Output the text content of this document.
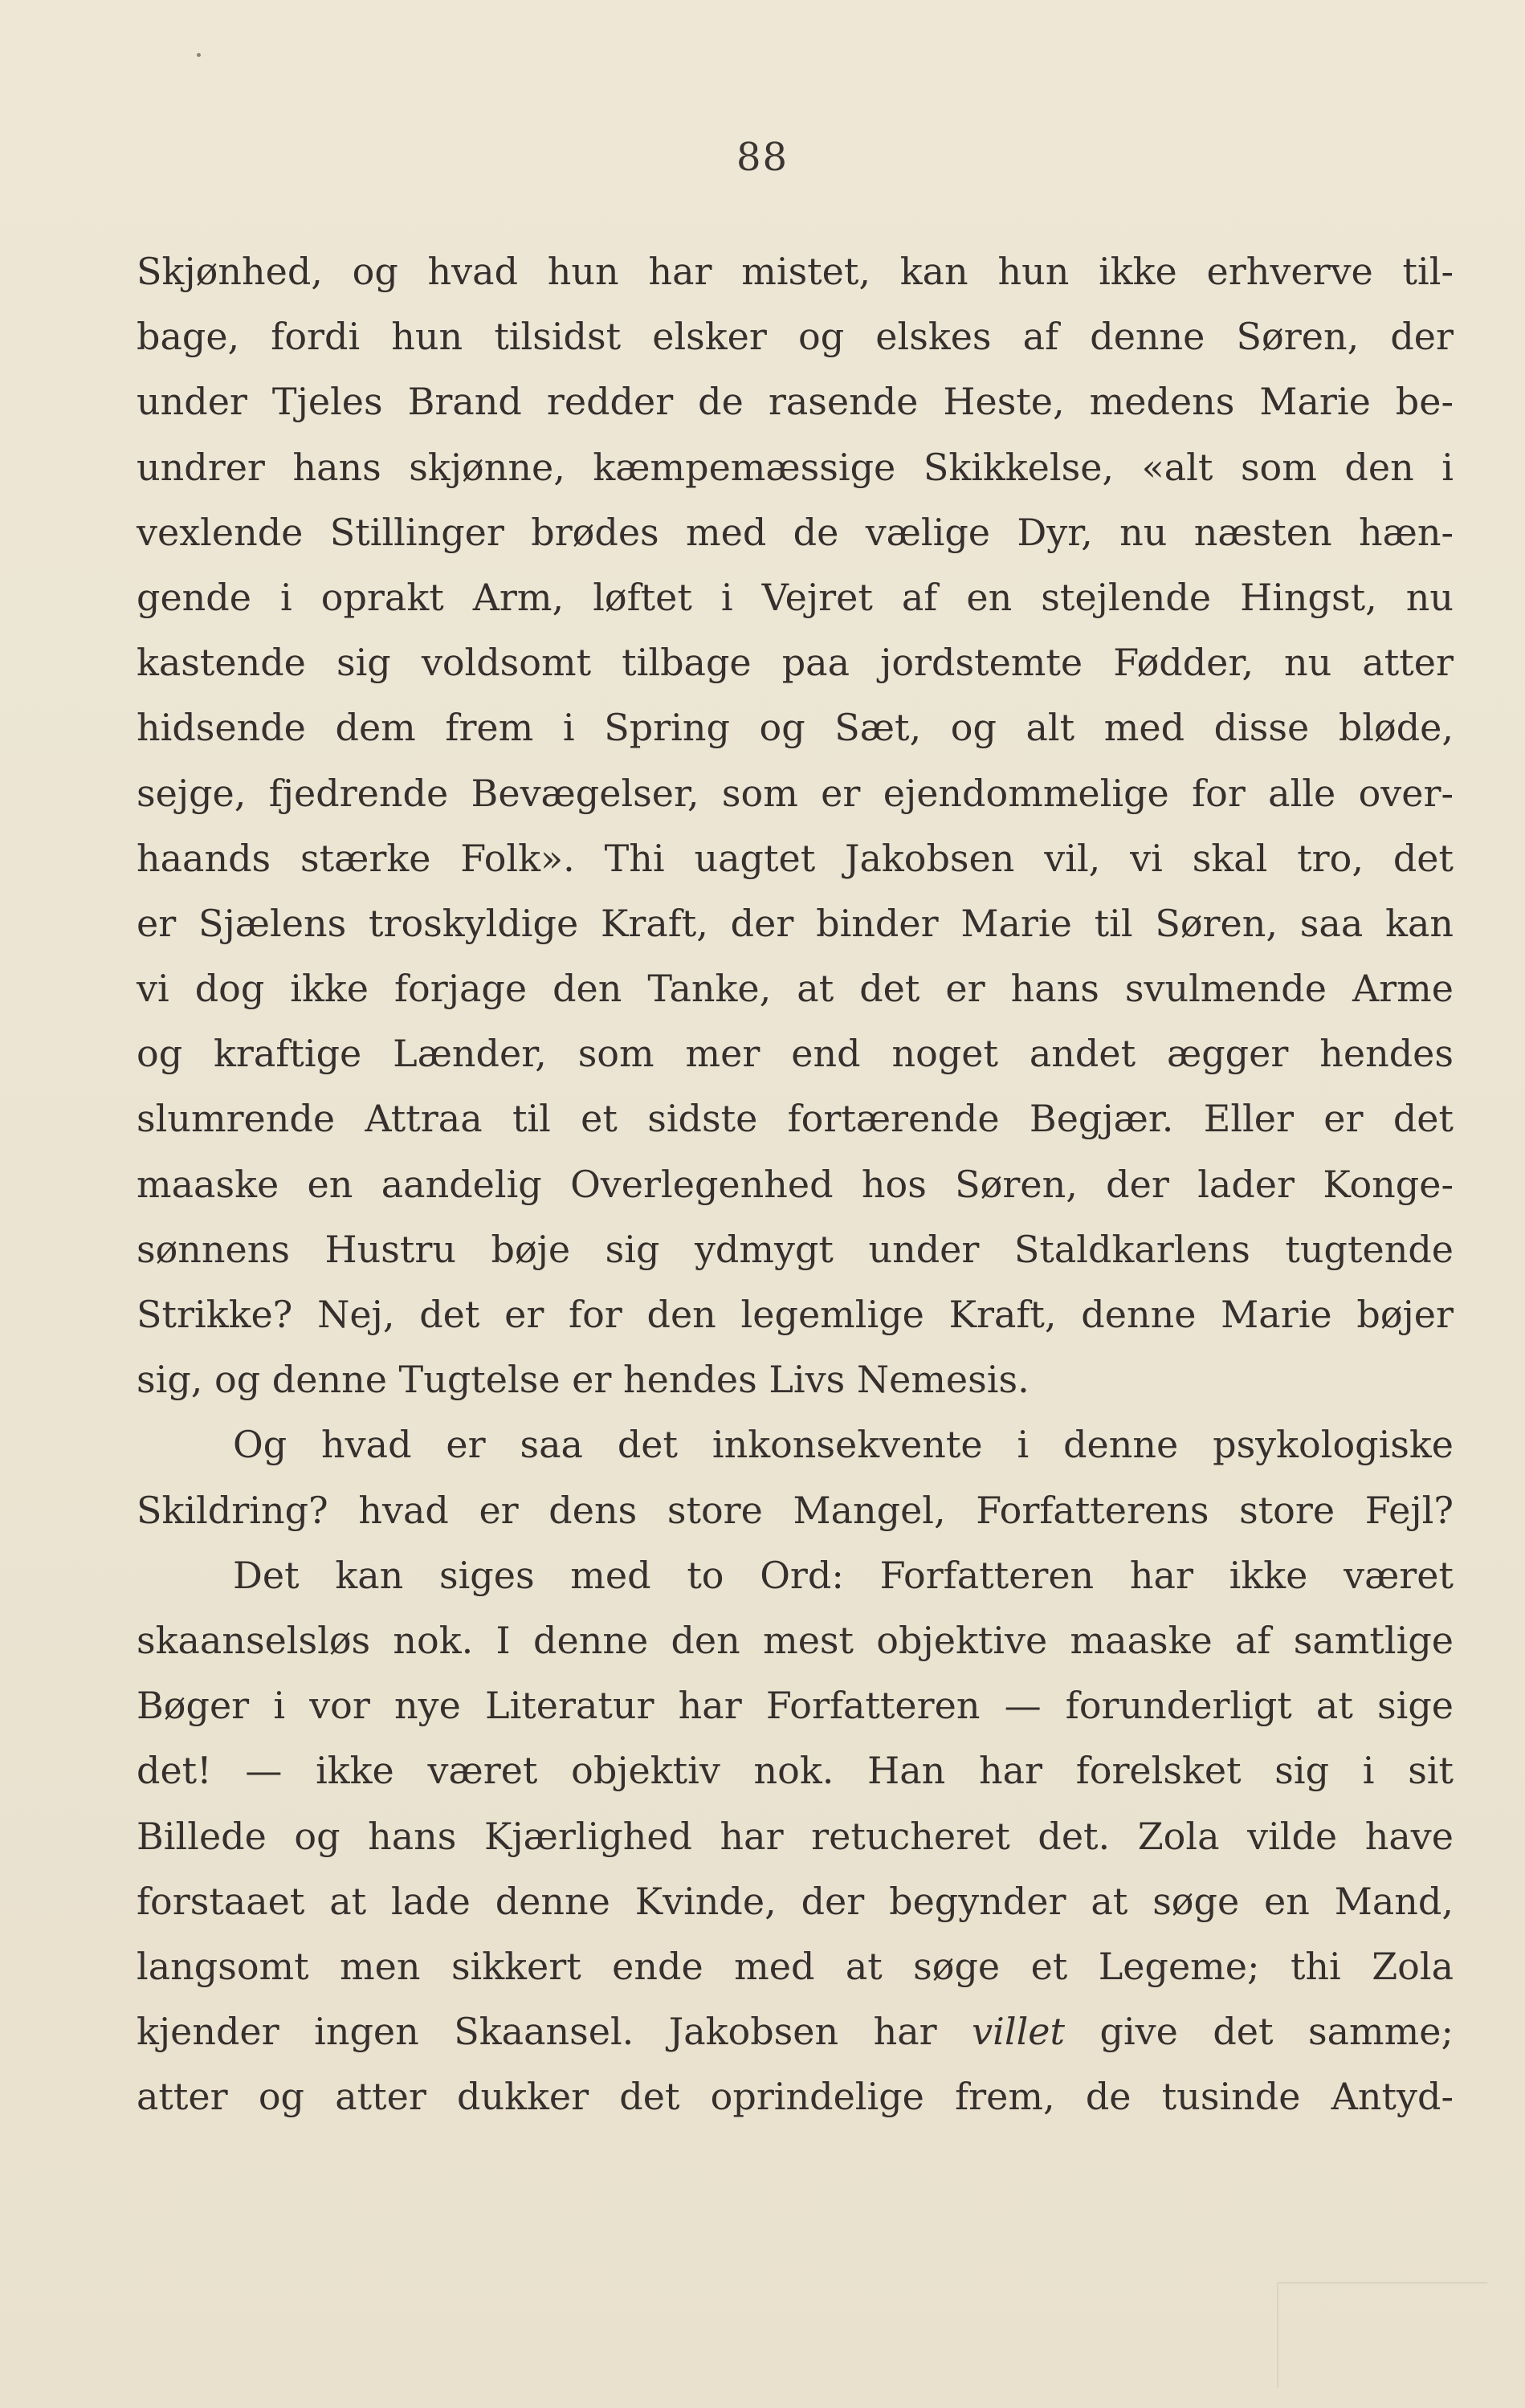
88
Skjønhed, og hvad hun har mistet, kan hun ikke erhverve til-
bage, fordi hun tilsidst elsker og elskes af denne Søren, der
under Tjeles Brand redder de rasende Heste, medens Marie be-
undrer hans skjønne, kæmpemæssige Skikkelse, «alt som den i
vexlende Stillinger brødes med de vælige Dyr, nu næsten hæn-
gende i oprakt Arm, løftet i Vejret af en stejlende Hingst, nu
kastende sig voldsomt tilbage paa jordstemte Fødder, nu atter
hidsende dem frem i Spring og Sæt, og alt med disse bløde,
sejge, fjedrende Bevægelser, som er ejendommelige for alle over-
haands stærke Folk». Thi uagtet Jakobsen vil, vi skal tro, det
er Sjælens troskyldige Kraft, der binder Marie til Søren, saa kan
vi dog ikke forjage den Tanke, at det er hans svulmende Arme
og kraftige Lænder, som mer end noget andet ægger hendes
slumrende Attraa til et sidste fortærende Begjær. Eller er det
maaske en aandelig Overlegenhed hos Søren, der lader Konge-
sønnens Hustru bøje sig ydmygt under Staldkarlens tugtende
Strikke? Nej, det er for den legemlige Kraft, denne Marie bøjer
sig, og denne Tugtelse er hendes Livs Nemesis.
Og hvad er saa det inkonsekvente i denne psykologiske
Skildring? hvad er dens store Mangel, Forfatterens store Fejl?
Det kan siges med to Ord: Forfatteren har ikke været
skaanselsløs nok. I denne den mest objektive maaske af samtlige
Bøger i vor nye Literatur har Forfatteren — forunderligt at sige
det! — ikke været objektiv nok. Han har forelsket sig i sit
Billede og hans Kjærlighed har retucheret det. Zola vilde have
forstaaet at lade denne Kvinde, der begynder at søge en Mand,
langsomt men sikkert ende med at søge et Legeme; thi Zola
kjender ingen Skaansel. Jakobsen har villet give det samme;
atter og atter dukker det oprindelige frem, de tusinde Antyd-
